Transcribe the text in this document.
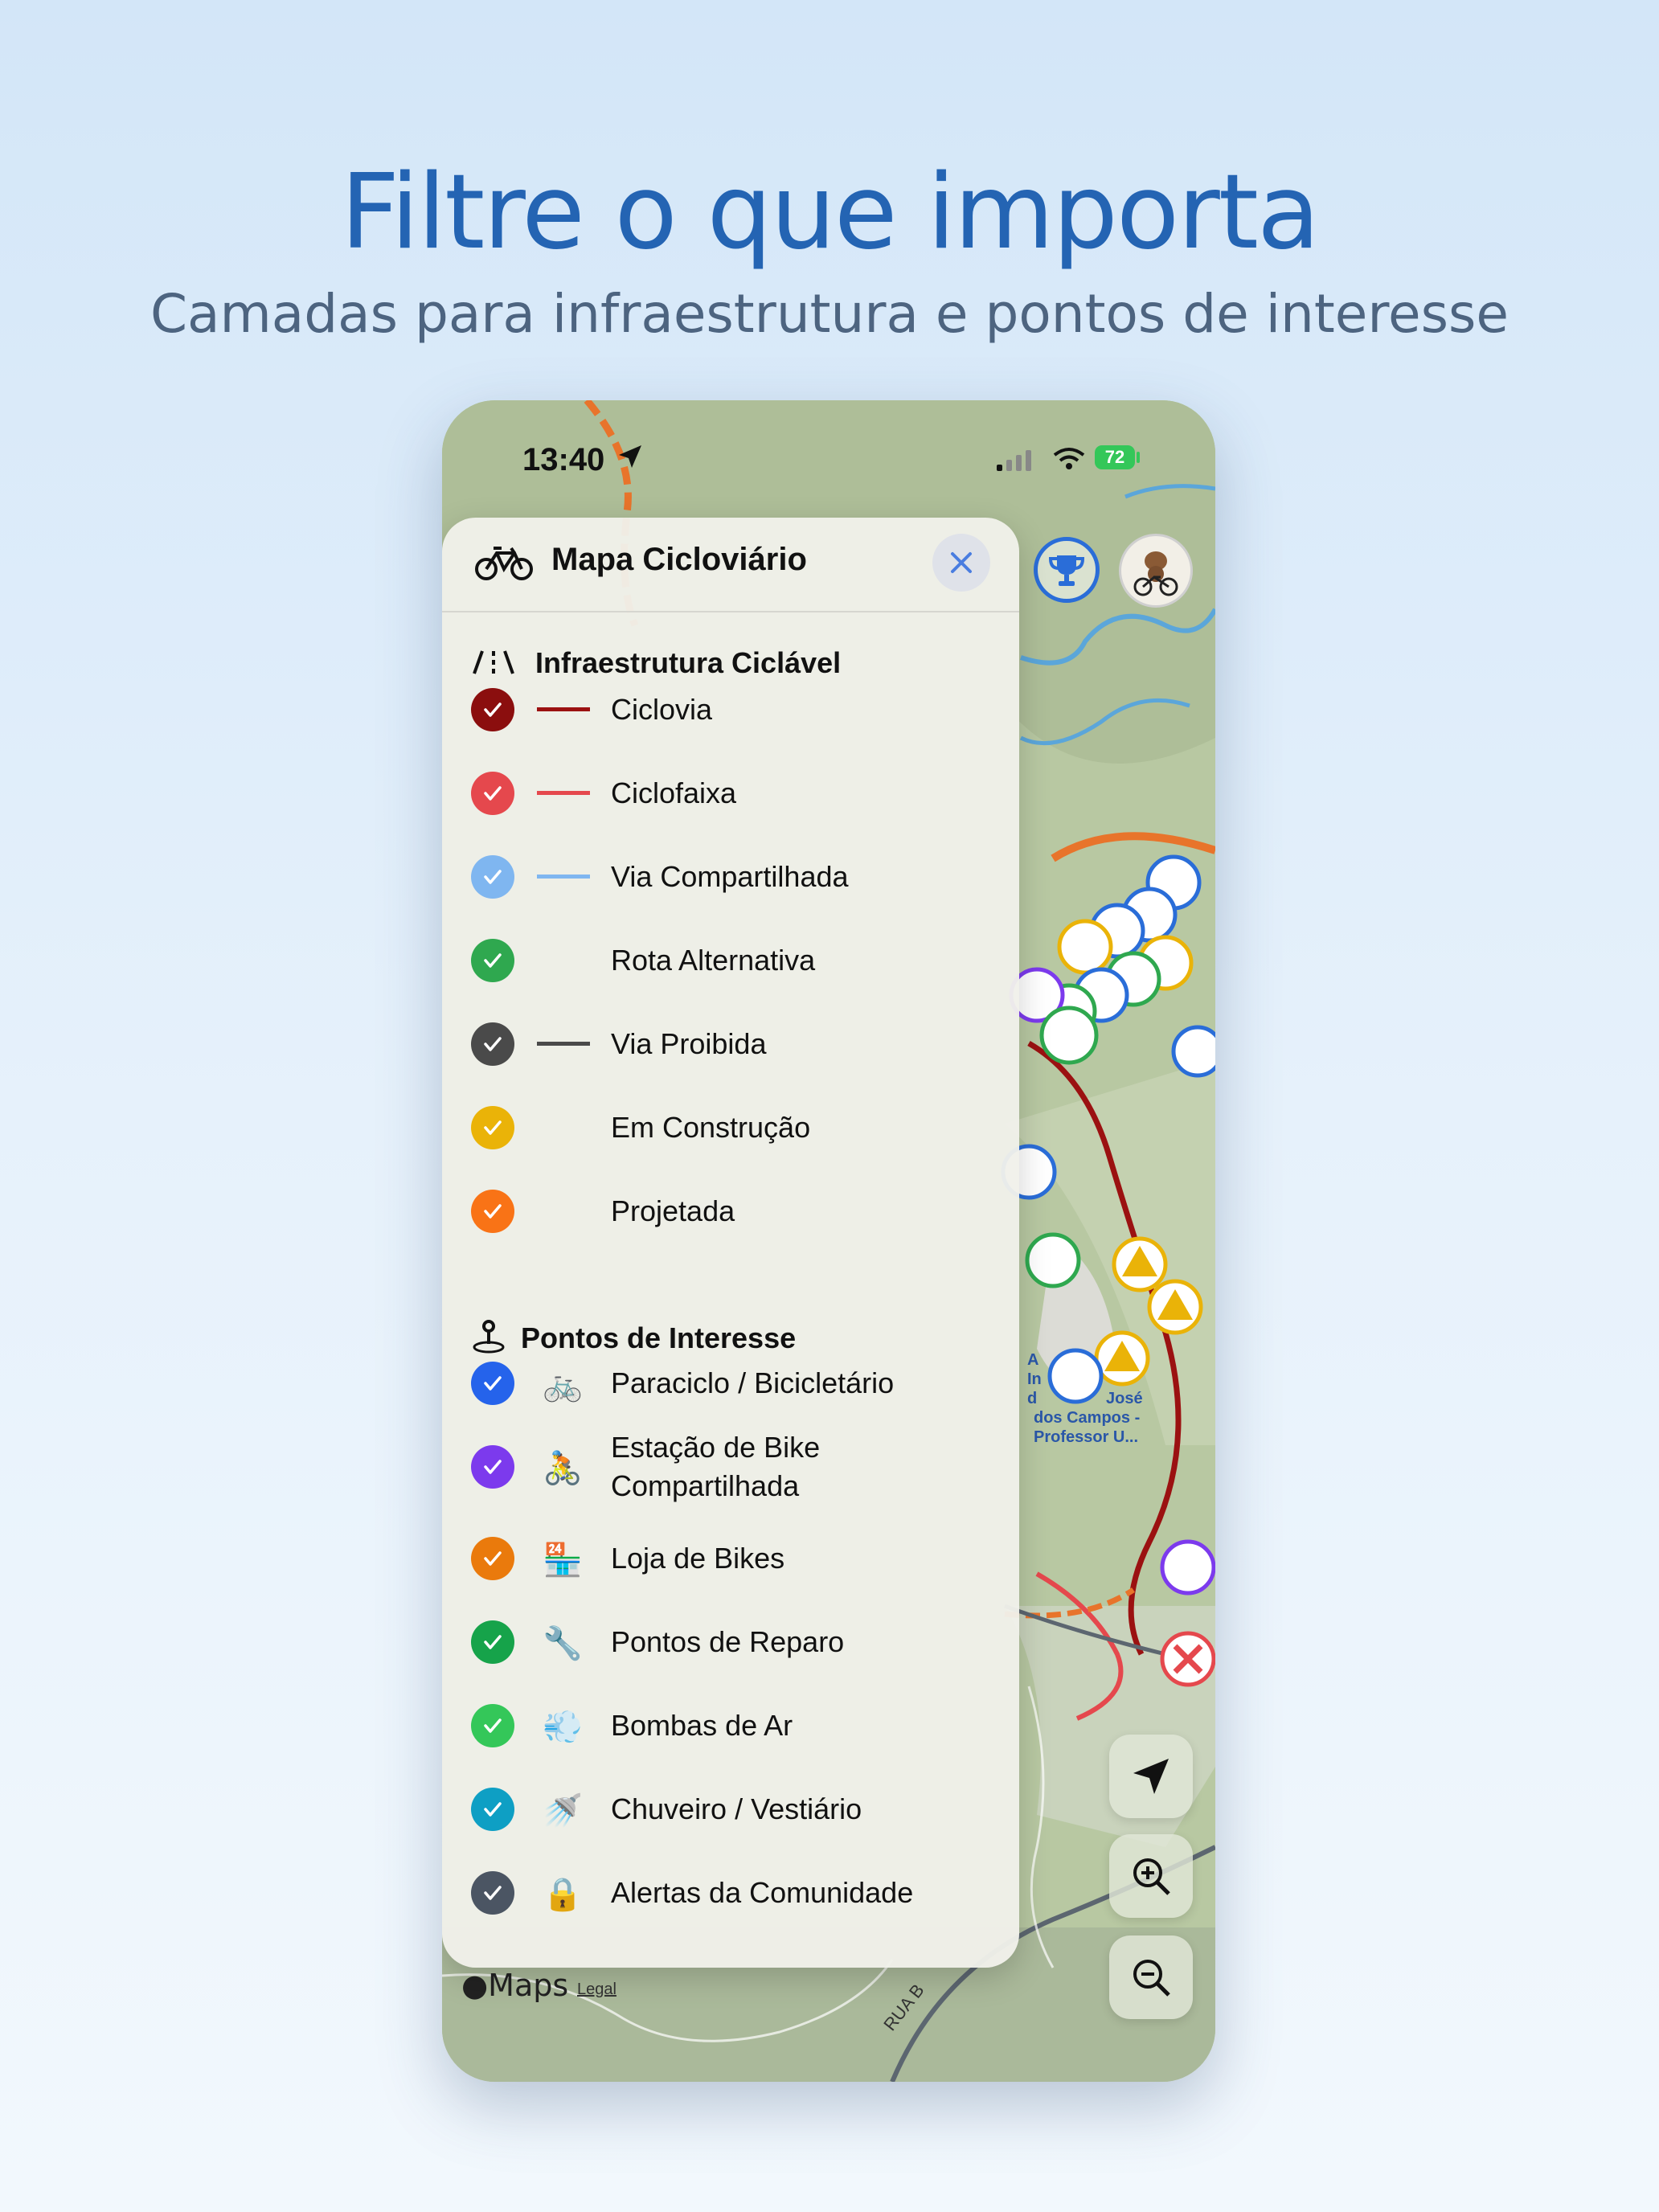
Filtre o que importa
Camadas para infraestrutura e pontos de interesse
RUA B
A
In
d	José
dos Campos -
Professor U...
13:40	72
●Maps Legal
Mapa Cicloviário
Infraestrutura Ciclável
Ciclovia
Ciclofaixa
Via Compartilhada
Rota Alternativa
Via Proibida
Em Construção
Projetada
Pontos de Interesse
🚲 Paraciclo / Bicicletário
🚴
Estação de Bike
Compartilhada
🏪 Loja de Bikes
🔧 Pontos de Reparo
💨 Bombas de Ar
🚿 Chuveiro / Vestiário
🔒 Alertas da Comunidade
